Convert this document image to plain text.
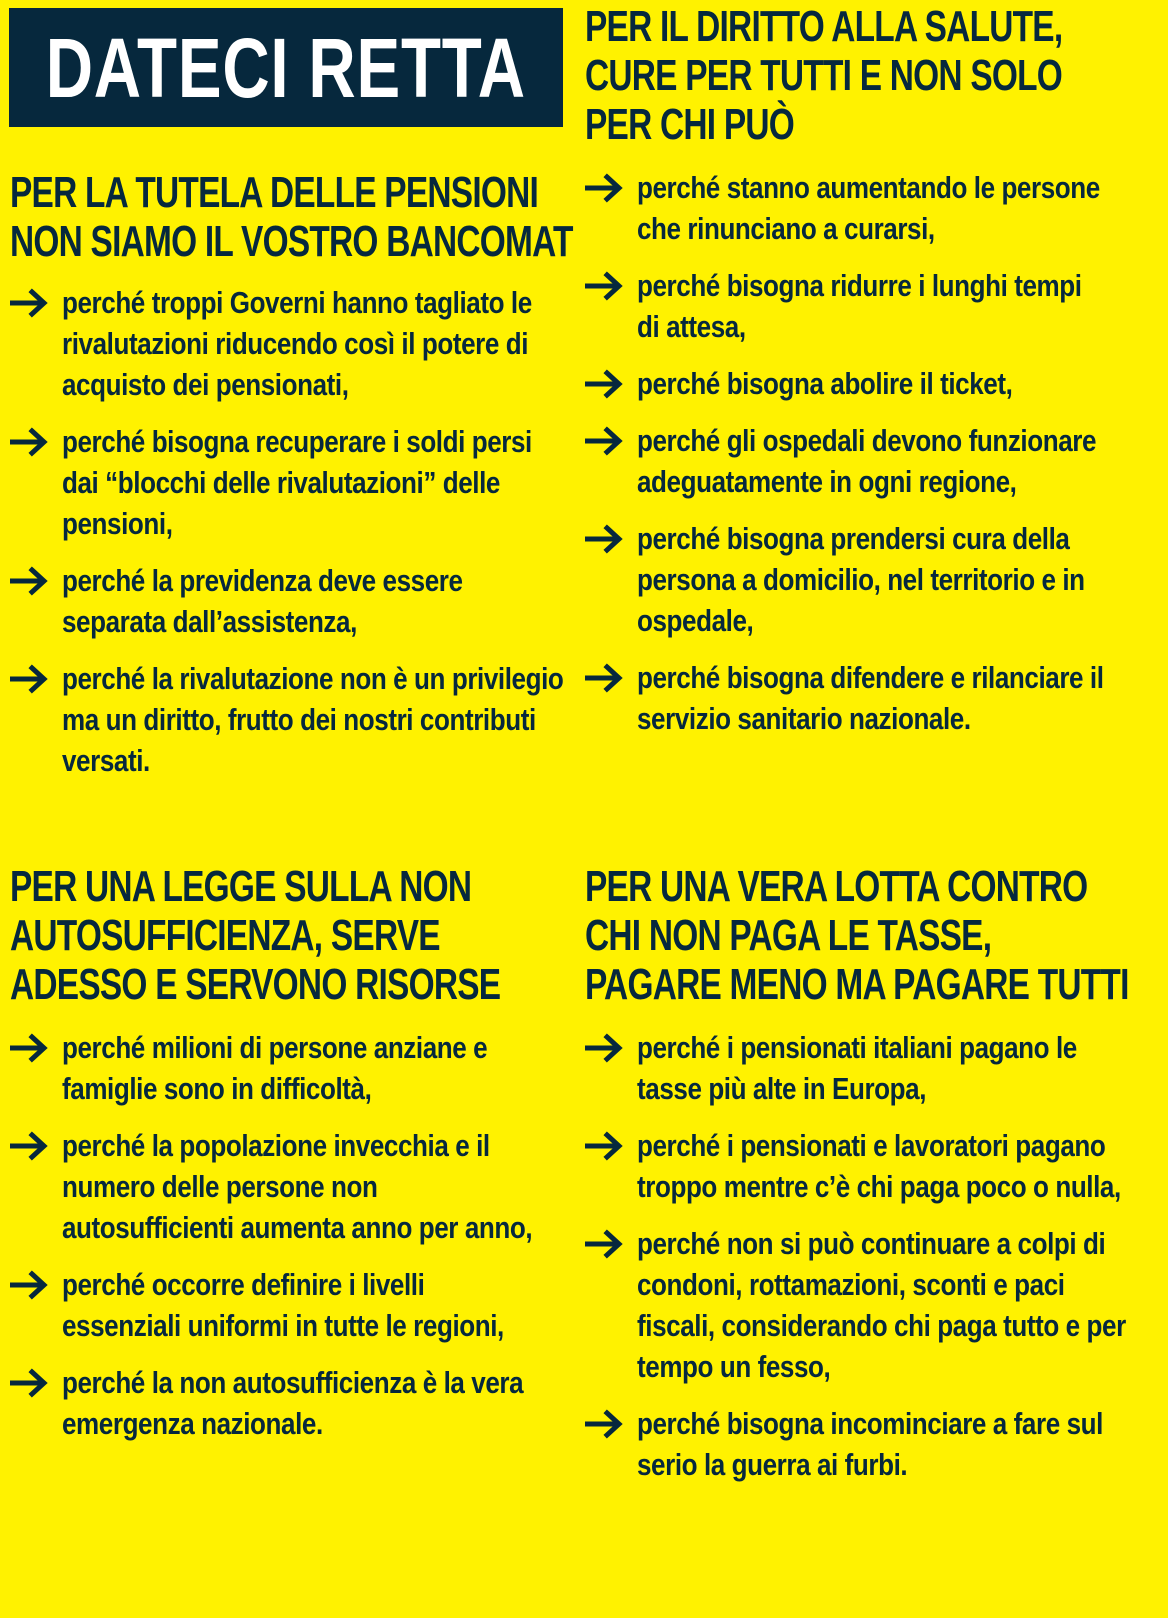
DATECI RETTA
PER LA TUTELA DELLE PENSIONI
NON SIAMO IL VOSTRO BANCOMAT
perché troppi Governi hanno tagliato le rivalutazioni riducendo così il potere di acquisto dei pensionati,
perché bisogna recuperare i soldi persi dai “blocchi delle rivalutazioni” delle pensioni,
perché la previdenza deve essere separata dall’assistenza,
perché la rivalutazione non è un privilegio ma un diritto, frutto dei nostri contributi versati.
PER UNA LEGGE SULLA NON
AUTOSUFFICIENZA, SERVE
ADESSO E SERVONO RISORSE
perché milioni di persone anziane e famiglie sono in difficoltà,
perché la popolazione invecchia e il numero delle persone non autosufficienti aumenta anno per anno,
perché occorre definire i livelli essenziali uniformi in tutte le regioni,
perché la non autosufficienza è la vera emergenza nazionale.
PER IL DIRITTO ALLA SALUTE,
CURE PER TUTTI E NON SOLO
PER CHI PUÒ
perché stanno aumentando le persone che rinunciano a curarsi,
perché bisogna ridurre i lunghi tempi di attesa,
perché bisogna abolire il ticket,
perché gli ospedali devono funzionare adeguatamente in ogni regione,
perché bisogna prendersi cura della persona a domicilio, nel territorio e in ospedale,
perché bisogna difendere e rilanciare il servizio sanitario nazionale.
PER UNA VERA LOTTA CONTRO
CHI NON PAGA LE TASSE,
PAGARE MENO MA PAGARE TUTTI
perché i pensionati italiani pagano le tasse più alte in Europa,
perché i pensionati e lavoratori pagano troppo mentre c’è chi paga poco o nulla,
perché non si può continuare a colpi di condoni, rottamazioni, sconti e paci fiscali, considerando chi paga tutto e per tempo un fesso,
perché bisogna incominciare a fare sul serio la guerra ai furbi.
